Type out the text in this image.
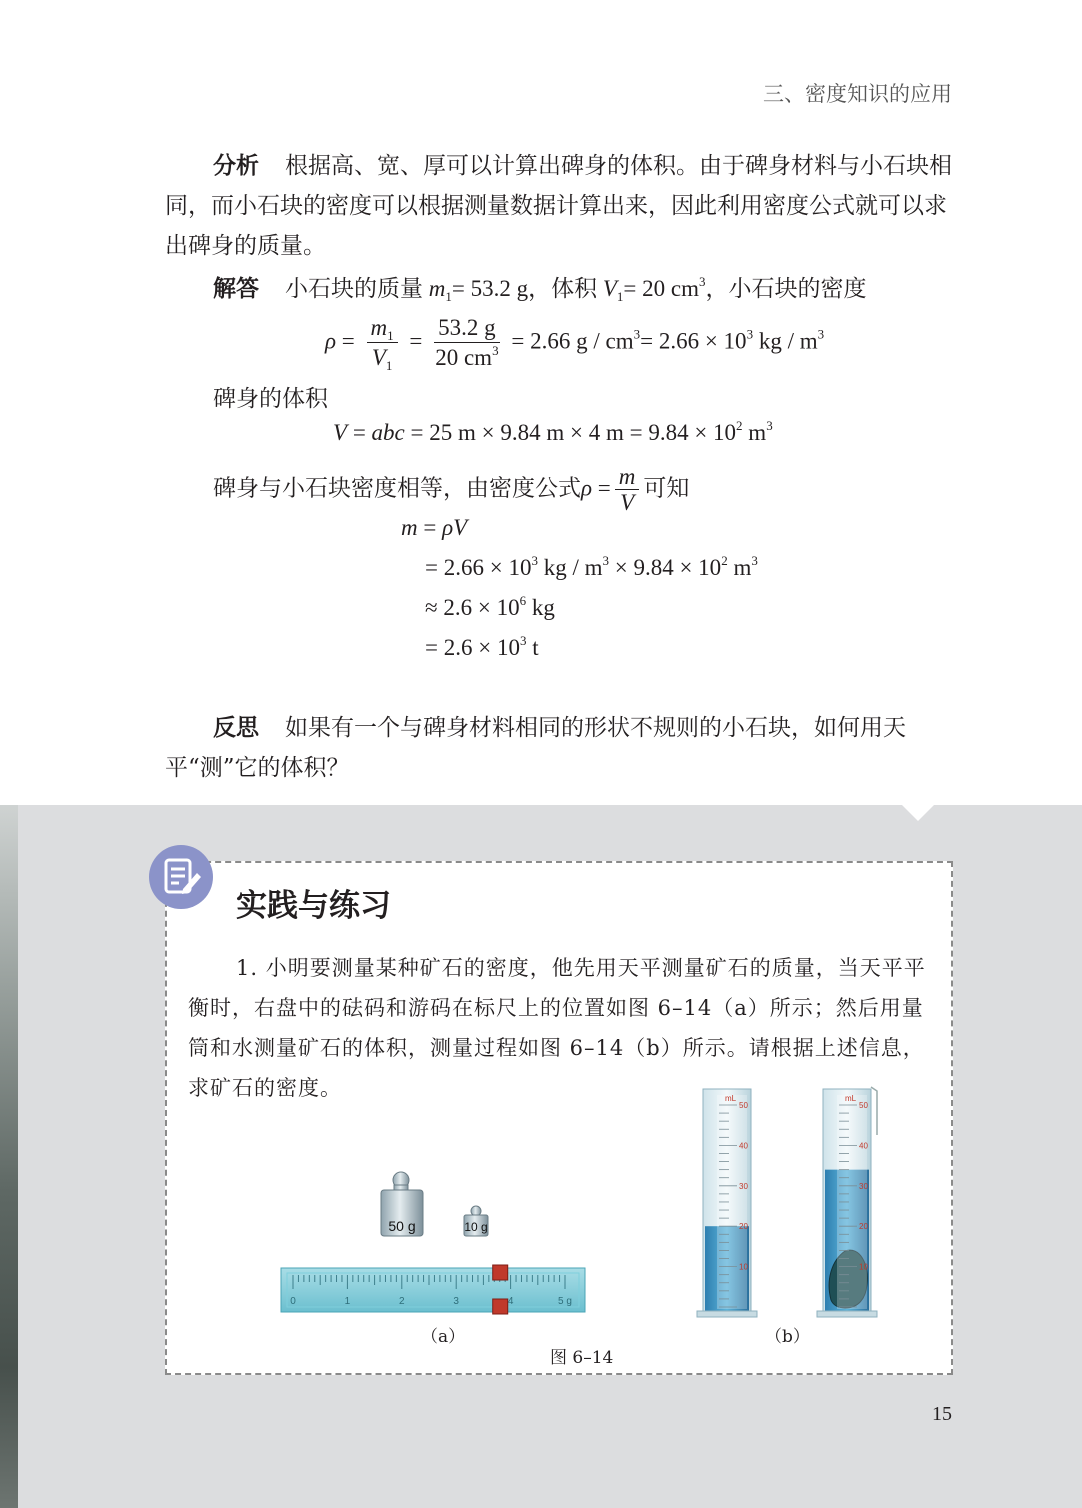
三、密度知识的应用
分析 根据高、宽、厚可以计算出碑身的体积。由于碑身材料与小石块相同，而小石块的密度可以根据测量数据计算出来，因此利用密度公式就可以求出碑身的质量。
解答 小石块的质量 $m_1= 53.2$ g，体积 $V_1= 20$ $cm^3$，小石块的密度
$\rho = \frac{m_1}{V_1} = \frac{53.2 g}{20 cm^3} = 2.66$ $g / cm^3= 2.66 \times 10^3$ kg / $m^3$
碑身的体积
V = abc = 25 m × 9.84 m × 4 $m = 9.84 \times 10^2$ $m^3$
碑身与小石块密度相等，由密度公式$\rho = \frac{m}{V}$ 可知
m = ρV
= $2.66 \times 10^3$ kg / $m^3 \times 9.84 \times 10^2$ $m^3$
≈ $2.6 \times 10^6$ kg
= $2.6 \times 10^3$ t
反思 如果有一个与碑身材料相同的形状不规则的小石块，如何用天平“测”它的体积？
实践与练习
1. 小明要测量某种矿石的密度，他先用天平测量矿石的质量，当天平平衡时，右盘中的砝码和游码在标尺上的位置如图 6–14（a）所示；然后用量筒和水测量矿石的体积，测量过程如图 6–14（b）所示。请根据上述信息，求矿石的密度。
50 g	10 g
0	1	2	3	4	5 g
50
40
30
20
10
mL
50
40
30
20
10
mL
（a）	（b）
图 6–14
15
